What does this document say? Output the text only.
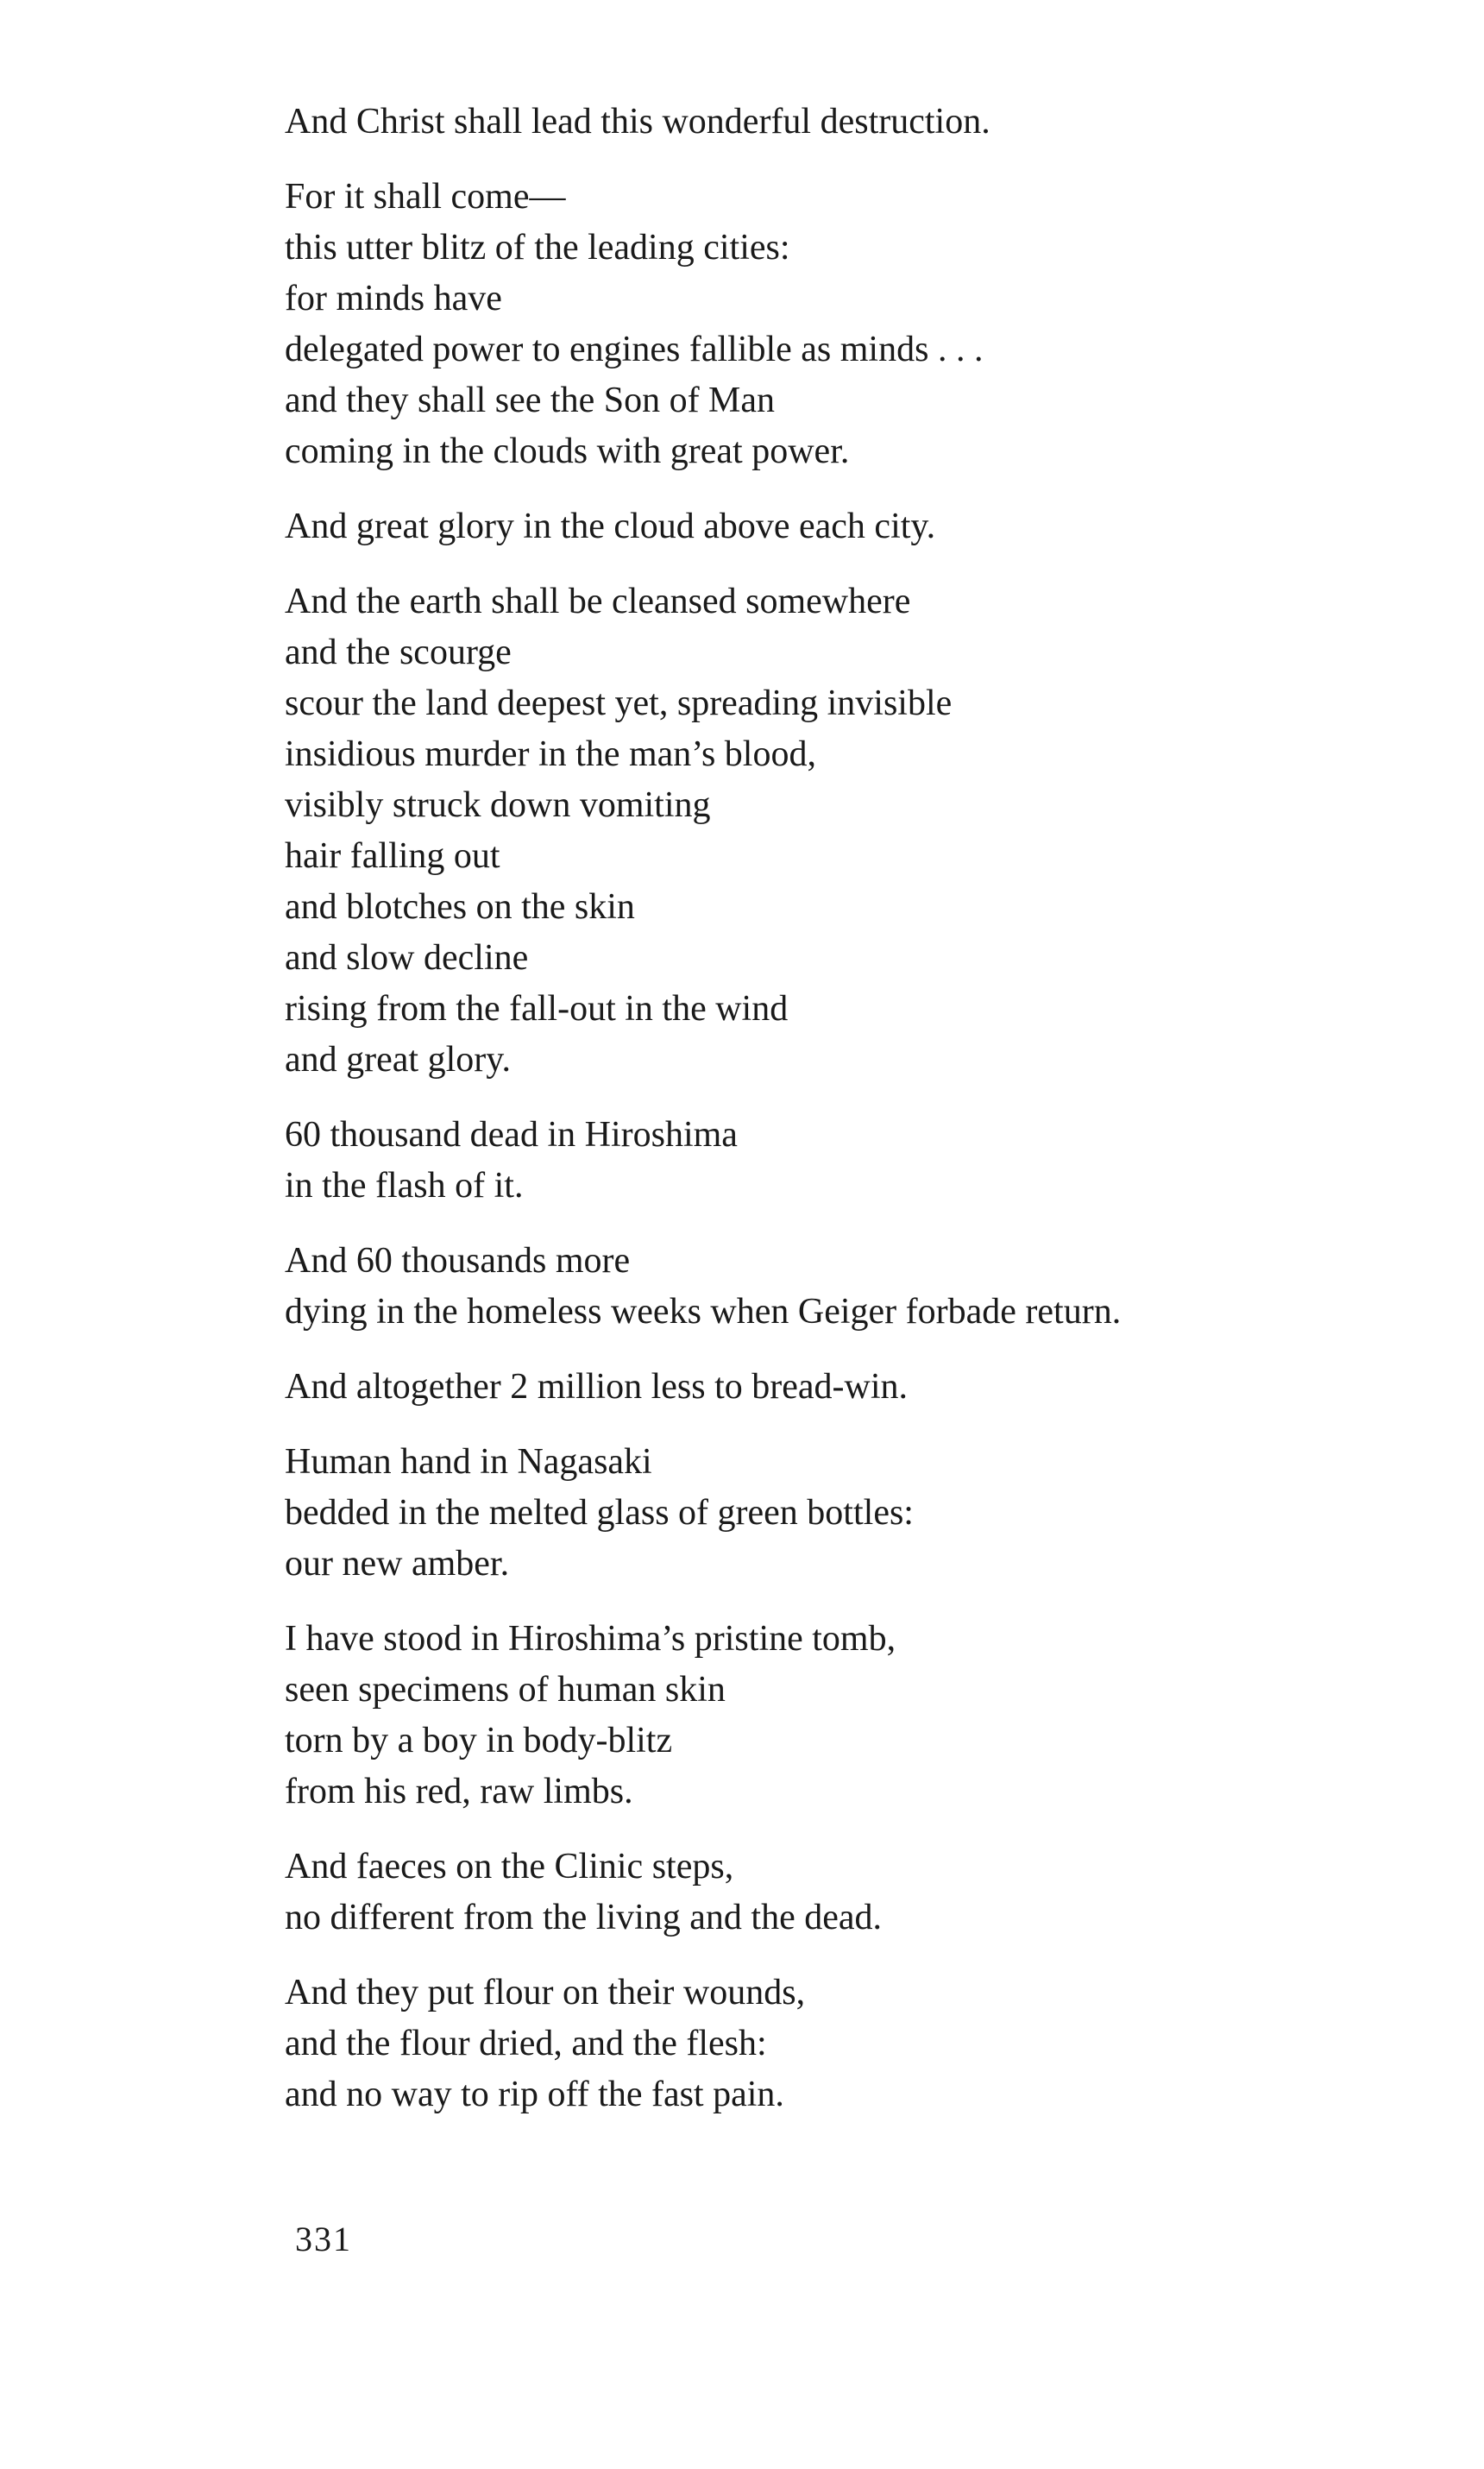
And Christ shall lead this wonderful destruction.
For it shall come—
this utter blitz of the leading cities:
for minds have
delegated power to engines fallible as minds . . .
and they shall see the Son of Man
coming in the clouds with great power.
And great glory in the cloud above each city.
And the earth shall be cleansed somewhere
and the scourge
scour the land deepest yet, spreading invisible
insidious murder in the man’s blood,
visibly struck down vomiting
hair falling out
and blotches on the skin
and slow decline
rising from the fall-out in the wind
and great glory.
60 thousand dead in Hiroshima
in the flash of it.
And 60 thousands more
dying in the homeless weeks when Geiger forbade return.
And altogether 2 million less to bread-win.
Human hand in Nagasaki
bedded in the melted glass of green bottles:
our new amber.
I have stood in Hiroshima’s pristine tomb,
seen specimens of human skin
torn by a boy in body-blitz
from his red, raw limbs.
And faeces on the Clinic steps,
no different from the living and the dead.
And they put flour on their wounds,
and the flour dried, and the flesh:
and no way to rip off the fast pain.
331
